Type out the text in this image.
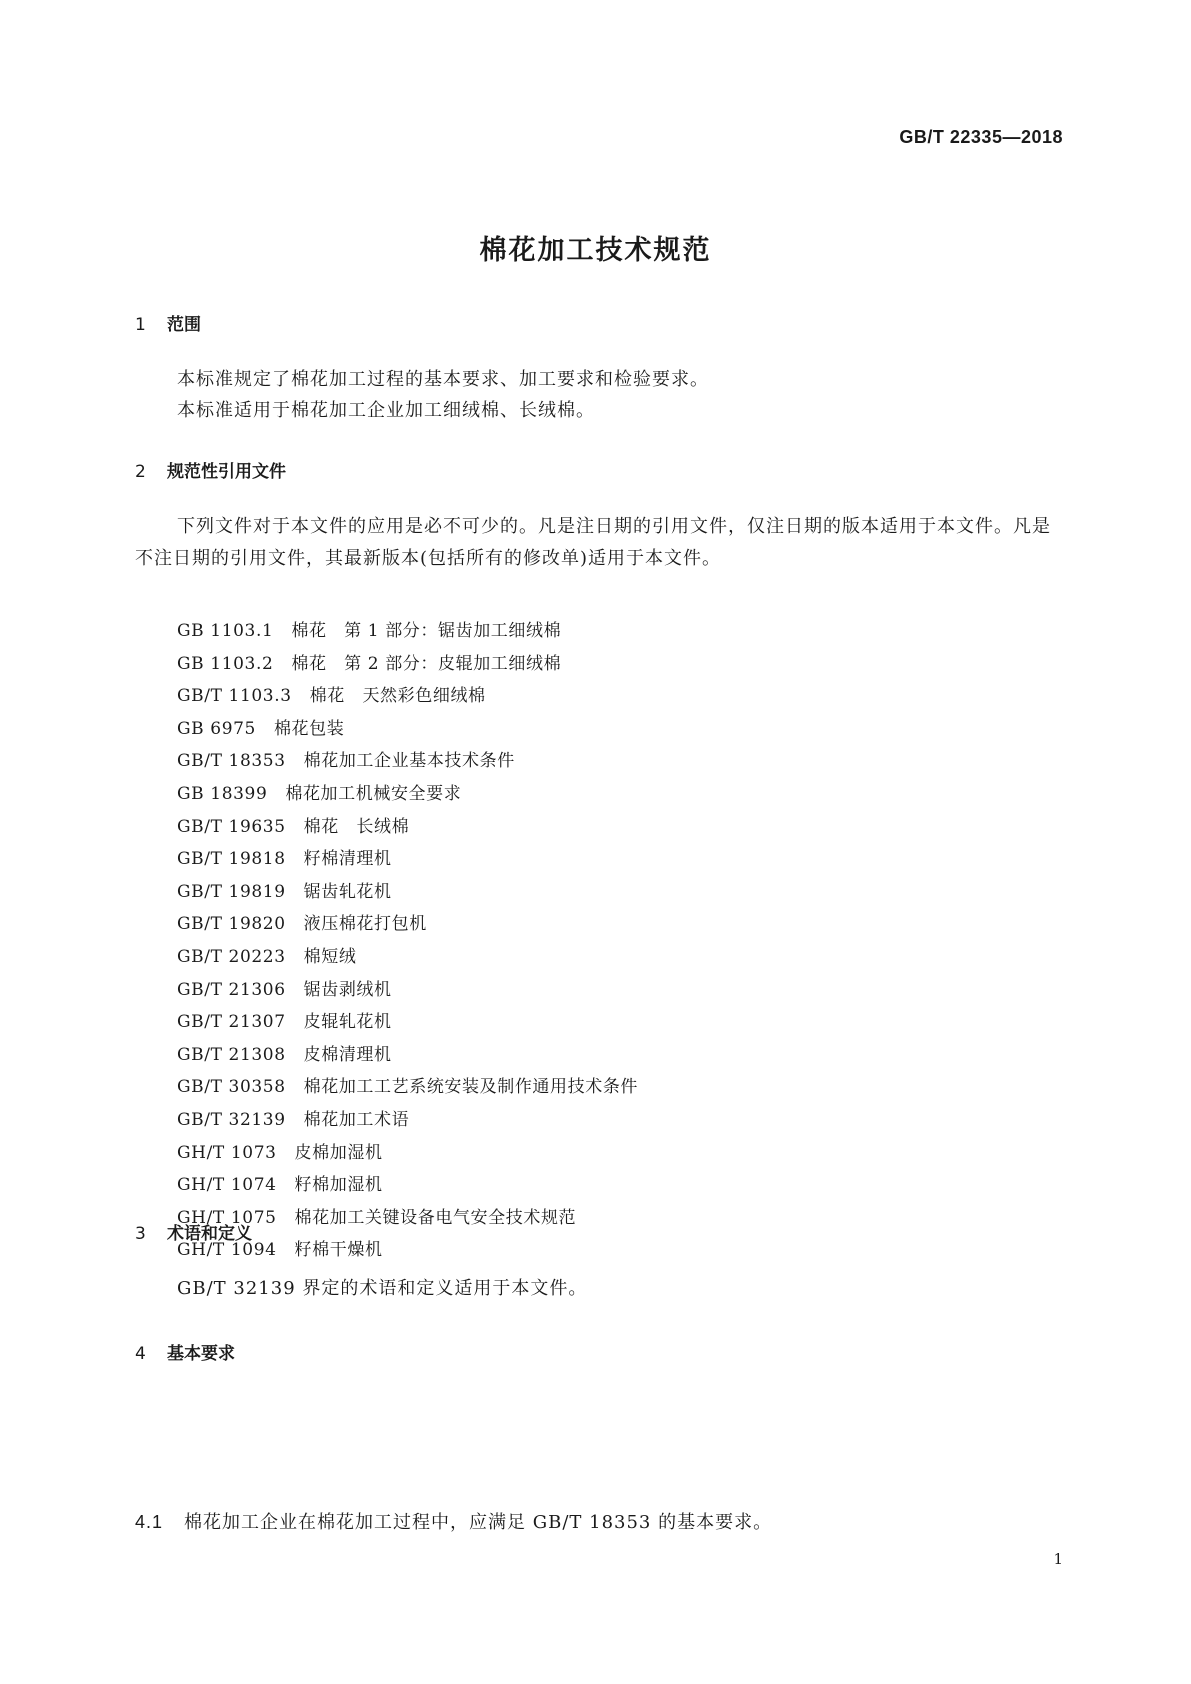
GB/T 22335—2018
棉花加工技术规范
1 范围
本标准规定了棉花加工过程的基本要求、加工要求和检验要求。
本标准适用于棉花加工企业加工细绒棉、长绒棉。
2 规范性引用文件
下列文件对于本文件的应用是必不可少的。凡是注日期的引用文件，仅注日期的版本适用于本文件。凡是不注日期的引用文件，其最新版本(包括所有的修改单)适用于本文件。
GB 1103.1 棉花　第 1 部分：锯齿加工细绒棉
GB 1103.2 棉花　第 2 部分：皮辊加工细绒棉
GB/T 1103.3 棉花　天然彩色细绒棉
GB 6975 棉花包装
GB/T 18353 棉花加工企业基本技术条件
GB 18399 棉花加工机械安全要求
GB/T 19635 棉花　长绒棉
GB/T 19818 籽棉清理机
GB/T 19819 锯齿轧花机
GB/T 19820 液压棉花打包机
GB/T 20223 棉短绒
GB/T 21306 锯齿剥绒机
GB/T 21307 皮辊轧花机
GB/T 21308 皮棉清理机
GB/T 30358 棉花加工工艺系统安装及制作通用技术条件
GB/T 32139 棉花加工术语
GH/T 1073 皮棉加湿机
GH/T 1074 籽棉加湿机
GH/T 1075 棉花加工关键设备电气安全技术规范
GH/T 1094 籽棉干燥机
3 术语和定义
GB/T 32139 界定的术语和定义适用于本文件。
4 基本要求
4.1 棉花加工企业在棉花加工过程中，应满足 GB/T 18353 的基本要求。
1
